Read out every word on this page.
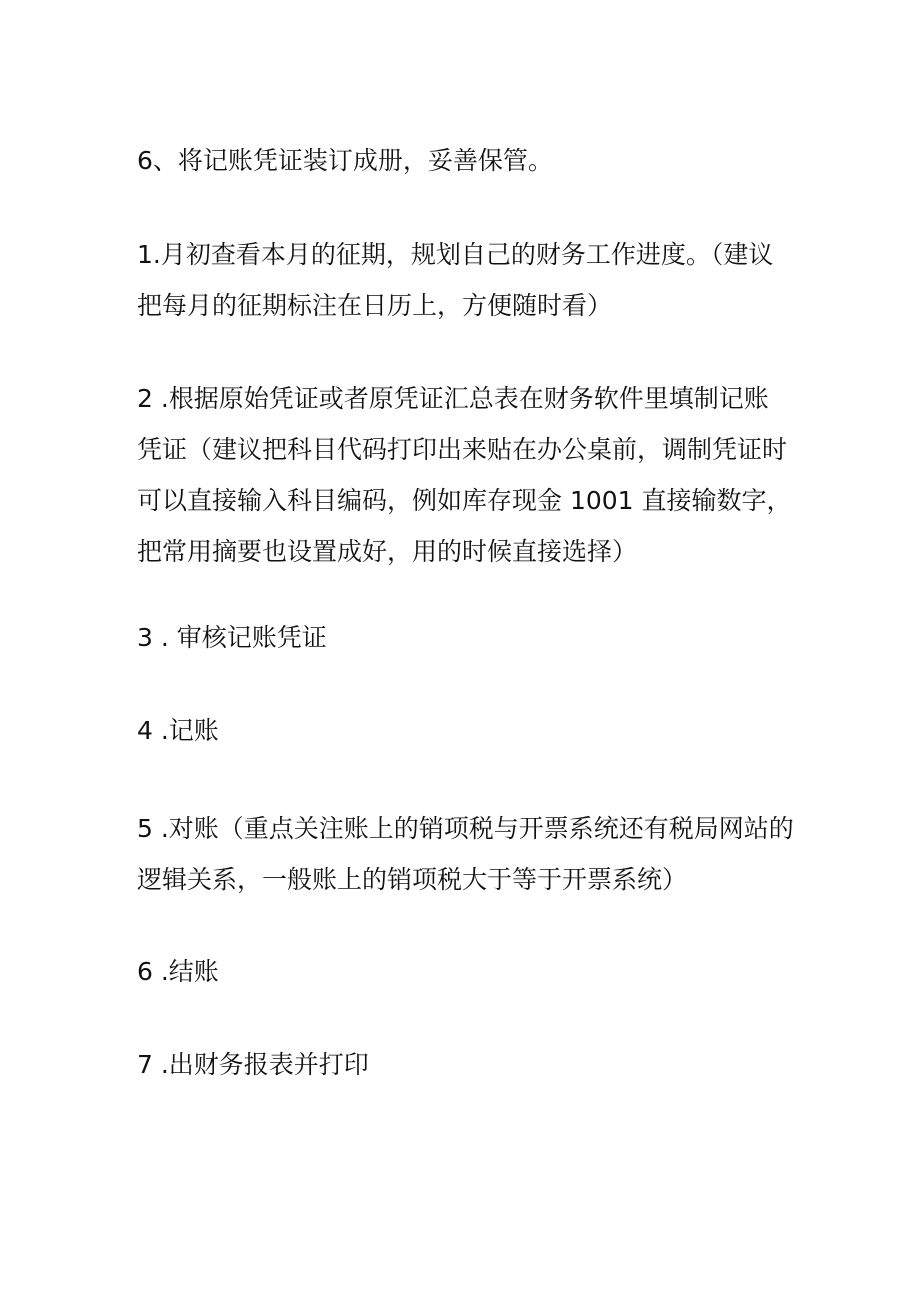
6、将记账凭证装订成册，妥善保管。

1.月初查看本月的征期，规划自己的财务工作进度。（建议
把每月的征期标注在日历上，方便随时看）

2 .根据原始凭证或者原凭证汇总表在财务软件里填制记账
凭证（建议把科目代码打印出来贴在办公桌前，调制凭证时
可以直接输入科目编码，例如库存现金 1001 直接输数字，
把常用摘要也设置成好，用的时候直接选择）

3 . 审核记账凭证

4 .记账

5 .对账（重点关注账上的销项税与开票系统还有税局网站的
逻辑关系，一般账上的销项税大于等于开票系统）

6 .结账

7 .出财务报表并打印
